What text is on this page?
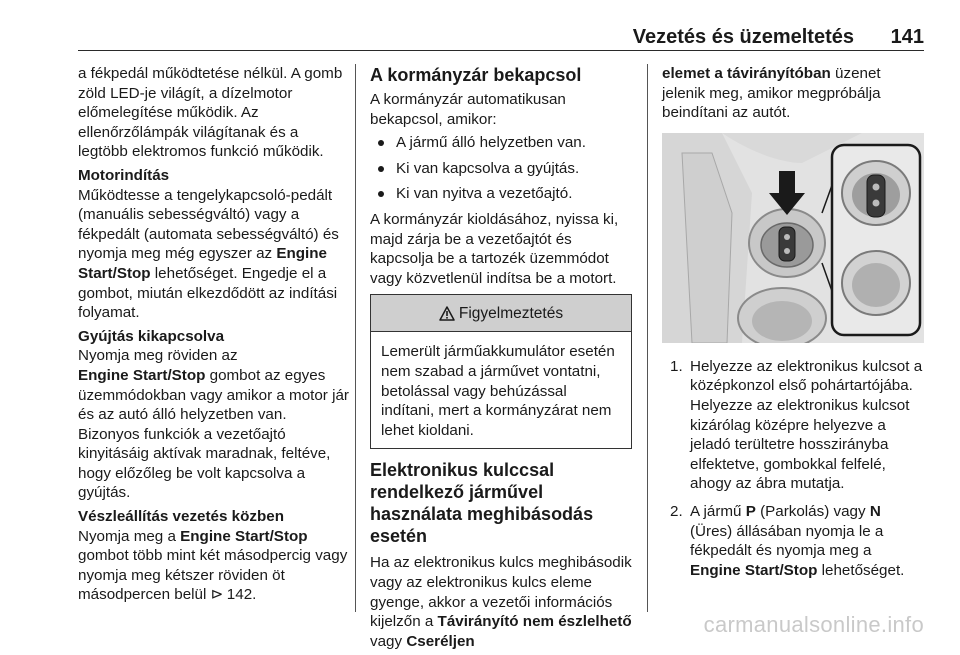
Vezetés és üzemeltetés 141

a fékpedál működtetése nélkül. A gomb zöld LED-je világít, a dízelmotor előmelegítése működik. Az ellenőrzőlámpák világítanak és a legtöbb elektromos funkció működik.

Motorindítás
Működtesse a tengelykapcsoló-pedált (manuális sebességváltó) vagy a fékpedált (automata sebességváltó) és nyomja meg még egyszer az Engine Start/Stop lehetőséget. Engedje el a gombot, miután elkezdődött az indítási folyamat.

Gyújtás kikapcsolva
Nyomja meg röviden az
Engine Start/Stop gombot az egyes üzemmódokban vagy amikor a motor jár és az autó álló helyzetben van. Bizonyos funkciók a vezetőajtó kinyitásáig aktívak maradnak, feltéve, hogy előzőleg be volt kapcsolva a gyújtás.

Vészleállítás vezetés közben
Nyomja meg a Engine Start/Stop gombot több mint két másodpercig vagy nyomja meg kétszer röviden öt másodpercen belül ⊳ 142.

A kormányzár bekapcsol

A kormányzár automatikusan bekapcsol, amikor:

A jármű álló helyzetben van.
Ki van kapcsolva a gyújtás.
Ki van nyitva a vezetőajtó.

A kormányzár kioldásához, nyissa ki, majd zárja be a vezetőajtót és kapcsolja be a tartozék üzemmódot vagy közvetlenül indítsa be a motort.

Figyelmeztetés
Lemerült járműakkumulátor esetén nem szabad a járművet vontatni, betolással vagy behúzással indítani, mert a kormányzárat nem lehet kioldani.
Elektronikus kulccsal rendelkező járművel használata meghibásodás esetén

Ha az elektronikus kulcs meghibásodik vagy az elektronikus kulcs eleme gyenge, akkor a vezetői információs kijelzőn a Távirányító nem észlelhető vagy Cseréljen

elemet a távirányítóban üzenet jelenik meg, amikor megpróbálja beindítani az autót.

1. Helyezze az elektronikus kulcsot a középkonzol első pohártartójába. Helyezze az elektronikus kulcsot kizárólag középre helyezve a jeladó terültetre hosszirányba elfektetve, gombokkal felfelé, ahogy az ábra mutatja.
2. A jármű P (Parkolás) vagy N (Üres) állásában nyomja le a fékpedált és nyomja meg a
Engine Start/Stop lehetőséget.
carmanualsonline.info
